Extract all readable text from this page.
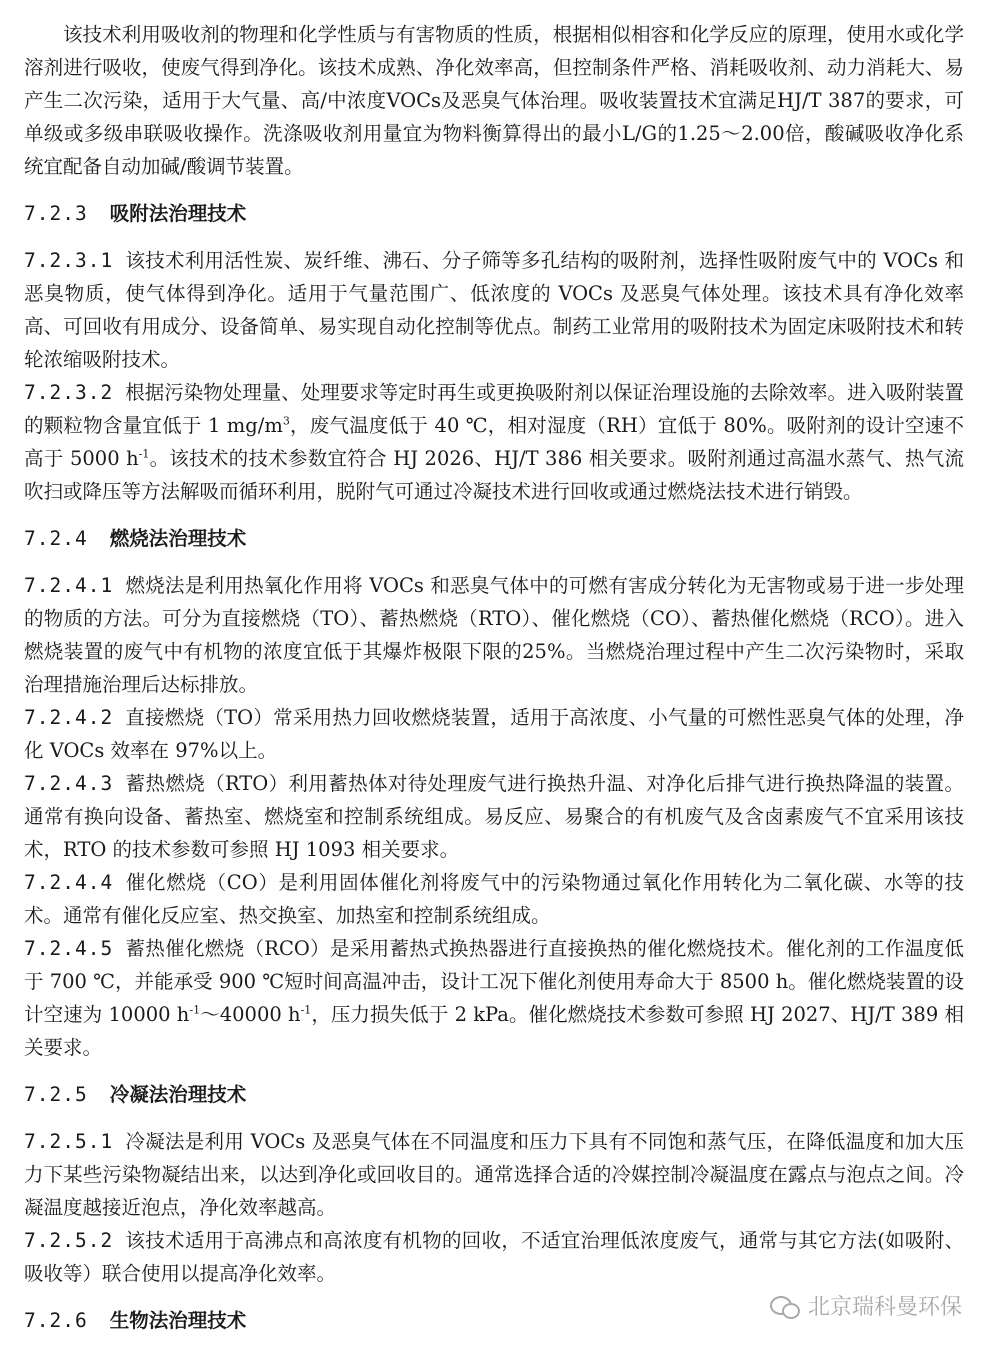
该技术利用吸收剂的物理和化学性质与有害物质的性质，根据相似相容和化学反应的原理，使用水或化学溶剂进行吸收，使废气得到净化。该技术成熟、净化效率高，但控制条件严格、消耗吸收剂、动力消耗大、易产生二次污染，适用于大气量、高/中浓度VOCs及恶臭气体治理。吸收装置技术宜满足HJ/T 387的要求，可单级或多级串联吸收操作。洗涤吸收剂用量宜为物料衡算得出的最小L/G的1.25～2.00倍，酸碱吸收净化系统宜配备自动加碱/酸调节装置。

7.2.3 吸附法治理技术

7.2.3.1 该技术利用活性炭、炭纤维、沸石、分子筛等多孔结构的吸附剂，选择性吸附废气中的 VOCs 和恶臭物质，使气体得到净化。适用于气量范围广、低浓度的 VOCs 及恶臭气体处理。该技术具有净化效率高、可回收有用成分、设备简单、易实现自动化控制等优点。制药工业常用的吸附技术为固定床吸附技术和转轮浓缩吸附技术。

7.2.3.2 根据污染物处理量、处理要求等定时再生或更换吸附剂以保证治理设施的去除效率。进入吸附装置的颗粒物含量宜低于 1 $mg/m^3$，废气温度低于 40 ℃，相对湿度（RH）宜低于 80%。吸附剂的设计空速不高于 5000 $h^{-1}$。该技术的技术参数宜符合 HJ 2026、HJ/T 386 相关要求。吸附剂通过高温水蒸气、热气流吹扫或降压等方法解吸而循环利用，脱附气可通过冷凝技术进行回收或通过燃烧法技术进行销毁。

7.2.4 燃烧法治理技术

7.2.4.1 燃烧法是利用热氧化作用将 VOCs 和恶臭气体中的可燃有害成分转化为无害物或易于进一步处理的物质的方法。可分为直接燃烧（TO）、蓄热燃烧（RTO）、催化燃烧（CO）、蓄热催化燃烧（RCO）。进入燃烧装置的废气中有机物的浓度宜低于其爆炸极限下限的25%。当燃烧治理过程中产生二次污染物时，采取治理措施治理后达标排放。

7.2.4.2 直接燃烧（TO）常采用热力回收燃烧装置，适用于高浓度、小气量的可燃性恶臭气体的处理，净化 VOCs 效率在 97%以上。

7.2.4.3 蓄热燃烧（RTO）利用蓄热体对待处理废气进行换热升温、对净化后排气进行换热降温的装置。通常有换向设备、蓄热室、燃烧室和控制系统组成。易反应、易聚合的有机废气及含卤素废气不宜采用该技术，RTO 的技术参数可参照 HJ 1093 相关要求。

7.2.4.4 催化燃烧（CO）是利用固体催化剂将废气中的污染物通过氧化作用转化为二氧化碳、水等的技术。通常有催化反应室、热交换室、加热室和控制系统组成。

7.2.4.5 蓄热催化燃烧（RCO）是采用蓄热式换热器进行直接换热的催化燃烧技术。催化剂的工作温度低于 700 ℃，并能承受 900 ℃短时间高温冲击，设计工况下催化剂使用寿命大于 8500 h。催化燃烧装置的设计空速为 10000 $h^{-1}\sim 40000$ $h^{-1}$，压力损失低于 2 kPa。催化燃烧技术参数可参照 HJ 2027、HJ/T 389 相关要求。

7.2.5 冷凝法治理技术

7.2.5.1 冷凝法是利用 VOCs 及恶臭气体在不同温度和压力下具有不同饱和蒸气压，在降低温度和加大压力下某些污染物凝结出来，以达到净化或回收目的。通常选择合适的冷媒控制冷凝温度在露点与泡点之间。冷凝温度越接近泡点，净化效率越高。

7.2.5.2 该技术适用于高沸点和高浓度有机物的回收，不适宜治理低浓度废气，通常与其它方法(如吸附、吸收等）联合使用以提高净化效率。

7.2.6 生物法治理技术
北京瑞科曼环保
